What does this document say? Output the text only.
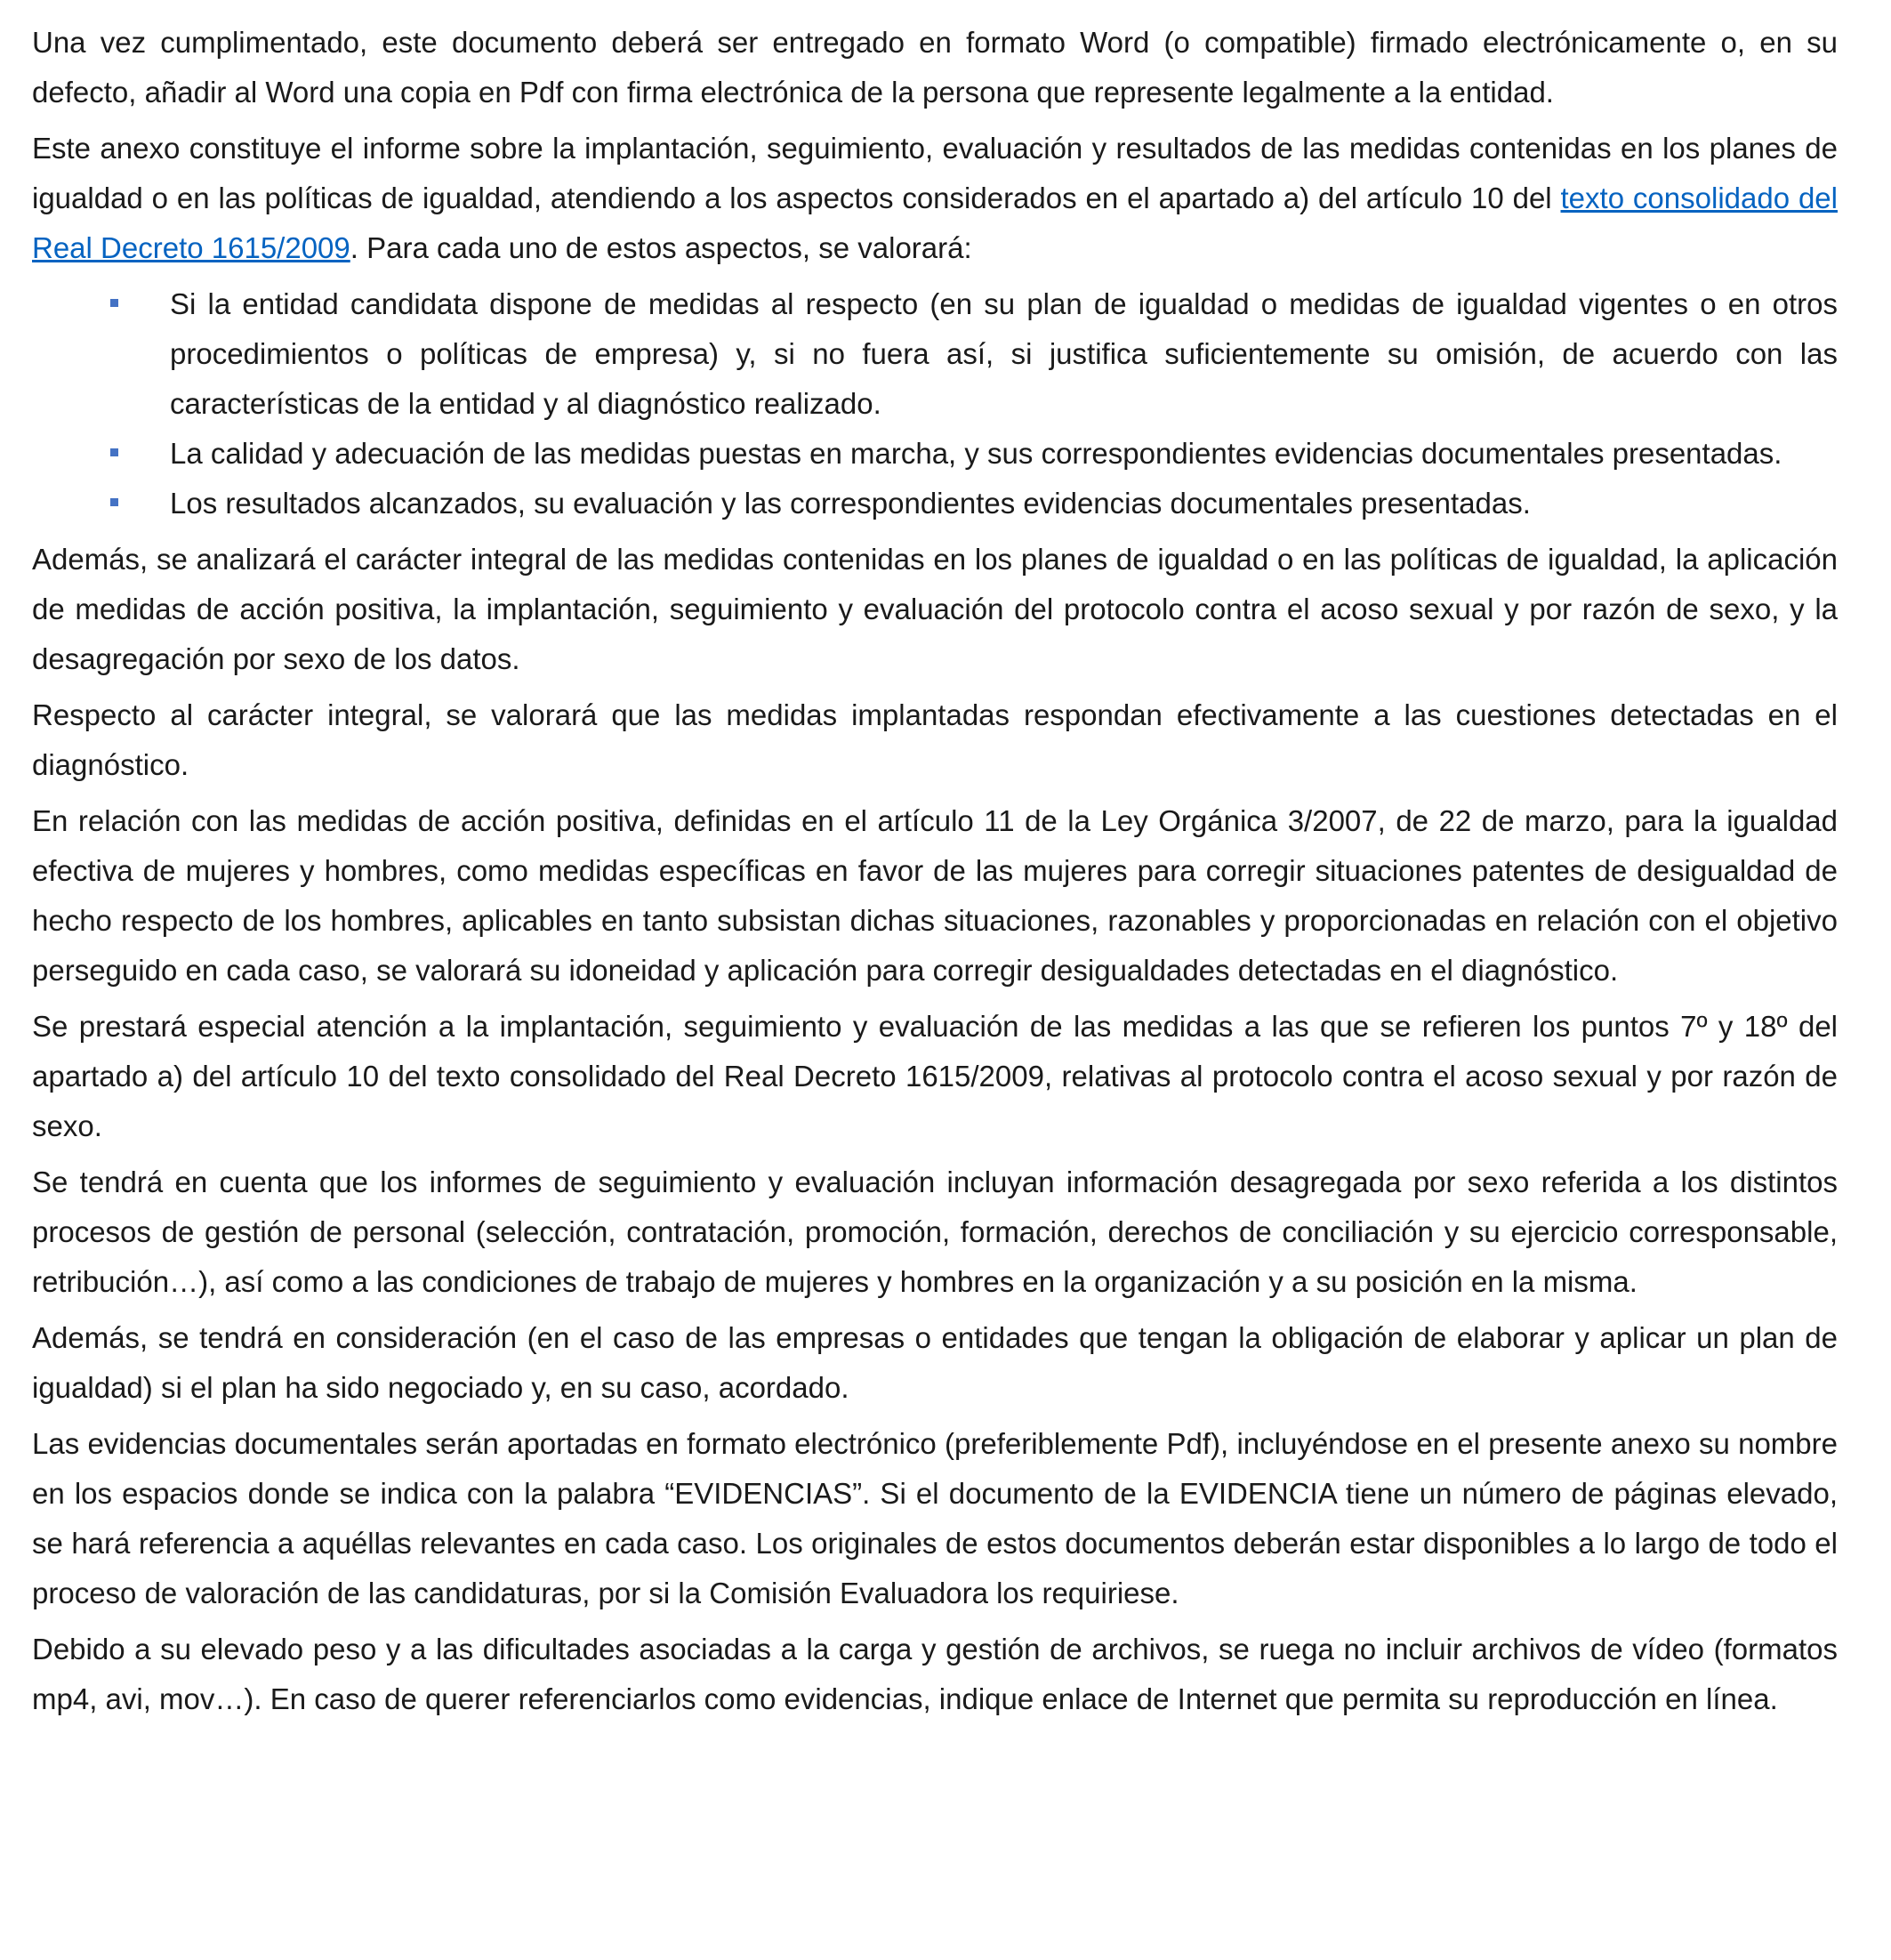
Una vez cumplimentado, este documento deberá ser entregado en formato Word (o compatible) firmado electrónicamente o, en su defecto, añadir al Word una copia en Pdf con firma electrónica de la persona que represente legalmente a la entidad.

Este anexo constituye el informe sobre la implantación, seguimiento, evaluación y resultados de las medidas contenidas en los planes de igualdad o en las políticas de igualdad, atendiendo a los aspectos considerados en el apartado a) del artículo 10 del texto consolidado del Real Decreto 1615/2009. Para cada uno de estos aspectos, se valorará:

Si la entidad candidata dispone de medidas al respecto (en su plan de igualdad o medidas de igualdad vigentes o en otros procedimientos o políticas de empresa) y, si no fuera así, si justifica suficientemente su omisión, de acuerdo con las características de la entidad y al diagnóstico realizado.
La calidad y adecuación de las medidas puestas en marcha, y sus correspondientes evidencias documentales presentadas.
Los resultados alcanzados, su evaluación y las correspondientes evidencias documentales presentadas.

Además, se analizará el carácter integral de las medidas contenidas en los planes de igualdad o en las políticas de igualdad, la aplicación de medidas de acción positiva, la implantación, seguimiento y evaluación del protocolo contra el acoso sexual y por razón de sexo, y la desagregación por sexo de los datos.

Respecto al carácter integral, se valorará que las medidas implantadas respondan efectivamente a las cuestiones detectadas en el diagnóstico.

En relación con las medidas de acción positiva, definidas en el artículo 11 de la Ley Orgánica 3/2007, de 22 de marzo, para la igualdad efectiva de mujeres y hombres, como medidas específicas en favor de las mujeres para corregir situaciones patentes de desigualdad de hecho respecto de los hombres, aplicables en tanto subsistan dichas situaciones, razonables y proporcionadas en relación con el objetivo perseguido en cada caso, se valorará su idoneidad y aplicación para corregir desigualdades detectadas en el diagnóstico.

Se prestará especial atención a la implantación, seguimiento y evaluación de las medidas a las que se refieren los puntos 7º y 18º del apartado a) del artículo 10 del texto consolidado del Real Decreto 1615/2009, relativas al protocolo contra el acoso sexual y por razón de sexo.

Se tendrá en cuenta que los informes de seguimiento y evaluación incluyan información desagregada por sexo referida a los distintos procesos de gestión de personal (selección, contratación, promoción, formación, derechos de conciliación y su ejercicio corresponsable, retribución…), así como a las condiciones de trabajo de mujeres y hombres en la organización y a su posición en la misma.

Además, se tendrá en consideración (en el caso de las empresas o entidades que tengan la obligación de elaborar y aplicar un plan de igualdad) si el plan ha sido negociado y, en su caso, acordado.

Las evidencias documentales serán aportadas en formato electrónico (preferiblemente Pdf), incluyéndose en el presente anexo su nombre en los espacios donde se indica con la palabra “EVIDENCIAS”. Si el documento de la EVIDENCIA tiene un número de páginas elevado, se hará referencia a aquéllas relevantes en cada caso. Los originales de estos documentos deberán estar disponibles a lo largo de todo el proceso de valoración de las candidaturas, por si la Comisión Evaluadora los requiriese.

Debido a su elevado peso y a las dificultades asociadas a la carga y gestión de archivos, se ruega no incluir archivos de vídeo (formatos mp4, avi, mov…). En caso de querer referenciarlos como evidencias, indique enlace de Internet que permita su reproducción en línea.
